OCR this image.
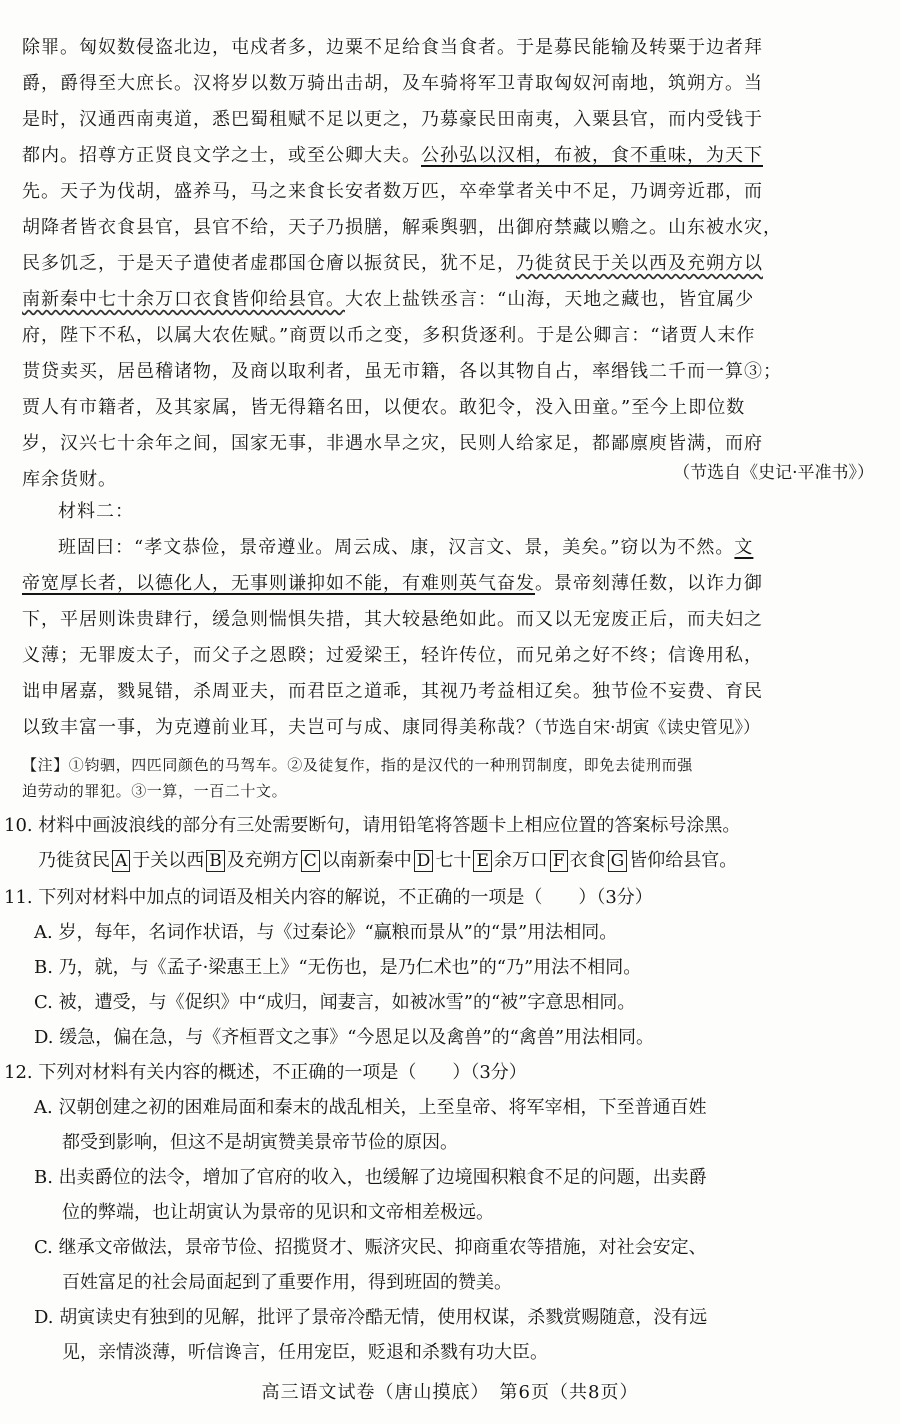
除罪。匈奴数侵盗北边，屯戍者多，边粟不足给食当食者。于是募民能输及转粟于边者拜
爵，爵得至大庶长。汉将岁以数万骑出击胡，及车骑将军卫青取匈奴河南地，筑朔方。当
是时，汉通西南夷道，悉巴蜀租赋不足以更之，乃募豪民田南夷，入粟县官，而内受钱于
都内。招尊方正贤良文学之士，或至公卿大夫。公孙弘以汉相，布被，食不重味，为天下
先。天子为伐胡，盛养马，马之来食长安者数万匹，卒牵掌者关中不足，乃调旁近郡，而
胡降者皆衣食县官，县官不给，天子乃损膳，解乘舆驷，出御府禁藏以赡之。山东被水灾，
民多饥乏，于是天子遣使者虚郡国仓廥以振贫民，犹不足，乃徙贫民于关以西及充朔方以
南新秦中七十余万口衣食皆仰给县官。大农上盐铁丞言：“山海，天地之藏也，皆宜属少
府，陛下不私，以属大农佐赋。”商贾以币之变，多积货逐利。于是公卿言：“诸贾人末作
贳贷卖买，居邑稽诸物，及商以取利者，虽无市籍，各以其物自占，率缗钱二千而一算③；
贾人有市籍者，及其家属，皆无得籍名田，以便农。敢犯令，没入田童。”至今上即位数
岁，汉兴七十余年之间，国家无事，非遇水旱之灾，民则人给家足，都鄙廪庾皆满，而府
库余货财。	（节选自《史记·平准书》）
材料二：
班固曰：“孝文恭俭，景帝遵业。周云成、康，汉言文、景，美矣。”窃以为不然。文
帝宽厚长者，以德化人，无事则谦抑如不能，有难则英气奋发。景帝刻薄任数，以诈力御
下，平居则诛贵肆行，缓急则惴惧失措，其大较悬绝如此。而又以无宠废正后，而夫妇之
义薄；无罪废太子，而父子之恩睽；过爱梁王，轻许传位，而兄弟之好不终；信谗用私，
诎申屠嘉，戮晁错，杀周亚夫，而君臣之道乖，其视乃考益相辽矣。独节俭不妄费、育民
以致丰富一事，为克遵前业耳，夫岂可与成、康同得美称哉？
（节选自宋·胡寅《读史管见》）
【注】①钧驷，四匹同颜色的马驾车。②及徒复作，指的是汉代的一种刑罚制度，即免去徒刑而强
迫劳动的罪犯。③一算，一百二十文。
10. 材料中画波浪线的部分有三处需要断句，请用铅笔将答题卡上相应位置的答案标号涂黑。
乃徙贫民 A 于关以西 B 及充朔方 C 以南新秦中 D 七十 E 余万口 F 衣食 G 皆仰给县官。
11. 下列对材料中加点的词语及相关内容的解说，不正确的一项是（　　）（3分）
A. 岁，每年，名词作状语，与《过秦论》“赢粮而景从”的“景”用法相同。
B. 乃，就，与《孟子·梁惠王上》“无伤也，是乃仁术也”的“乃”用法不相同。
C. 被，遭受，与《促织》中“成归，闻妻言，如被冰雪”的“被”字意思相同。
D. 缓急，偏在急，与《齐桓晋文之事》“今恩足以及禽兽”的“禽兽”用法相同。
12. 下列对材料有关内容的概述，不正确的一项是（　　）（3分）
A. 汉朝创建之初的困难局面和秦末的战乱相关，上至皇帝、将军宰相，下至普通百姓
都受到影响，但这不是胡寅赞美景帝节俭的原因。
B. 出卖爵位的法令，增加了官府的收入，也缓解了边境囤积粮食不足的问题，出卖爵
位的弊端，也让胡寅认为景帝的见识和文帝相差极远。
C. 继承文帝做法，景帝节俭、招揽贤才、赈济灾民、抑商重农等措施，对社会安定、
百姓富足的社会局面起到了重要作用，得到班固的赞美。
D. 胡寅读史有独到的见解，批评了景帝冷酷无情，使用权谋，杀戮赏赐随意，没有远
见，亲情淡薄，听信谗言，任用宠臣，贬退和杀戮有功大臣。
高三语文试卷（唐山摸底）　第6页（共8页）
